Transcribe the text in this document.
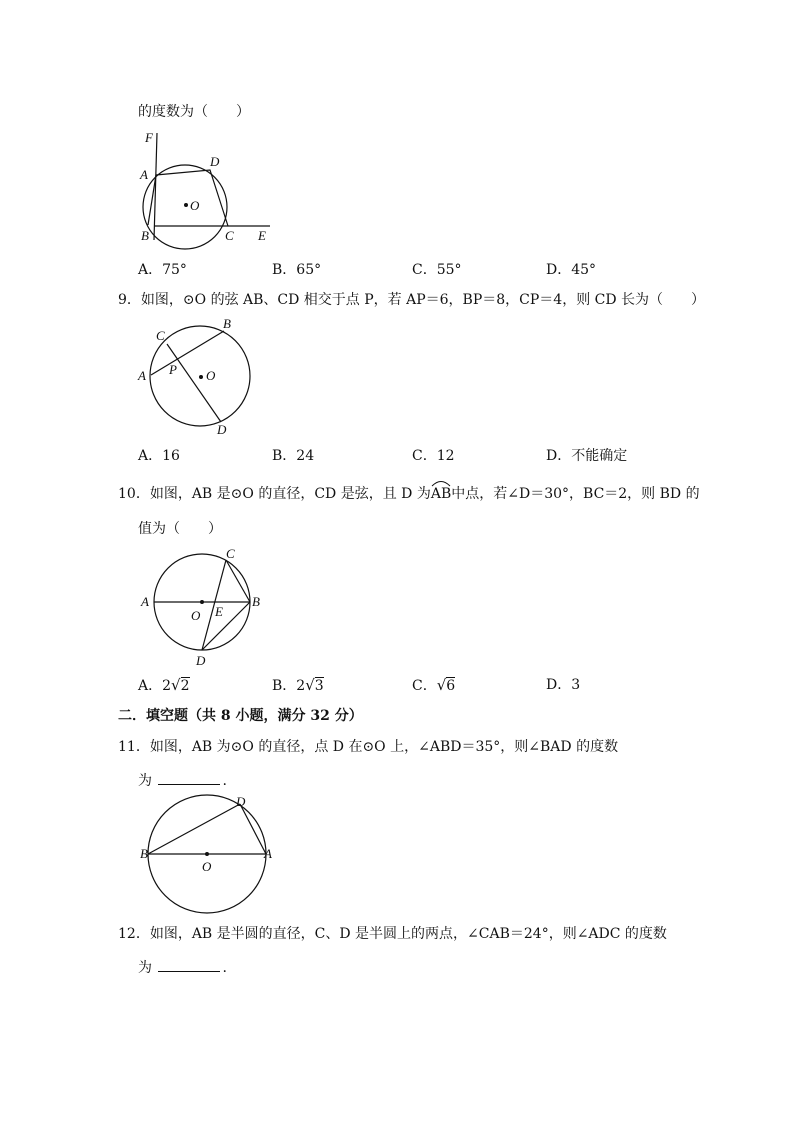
的度数为（　　）
F
A
D
O
B	C E
A．75°	B．65°	C．55°	D．45°
9．如图，⊙O 的弦 AB、CD 相交于点 P，若 AP＝6，BP＝8，CP＝4，则 CD 长为（　　）
C
B
A P O
D
A．16	B．24	C．12	D．不能确定
10．如图，AB 是⊙O 的直径，CD 是弦，且 D 为
AB中点，若∠D＝30°，BC＝2，则 BD 的
值为（　　）
C
A
O E
B
D
A．2√2	B．2√3	C．√6	D．3
二．填空题（共 8 小题，满分 32 分）
11．如图，AB 为⊙O 的直径，点 D 在⊙O 上，∠ABD＝35°，则∠BAD 的度数
为	.
D
B	A
O
12．如图，AB 是半圆的直径，C、D 是半圆上的两点，∠CAB＝24°，则∠ADC 的度数
为	.
